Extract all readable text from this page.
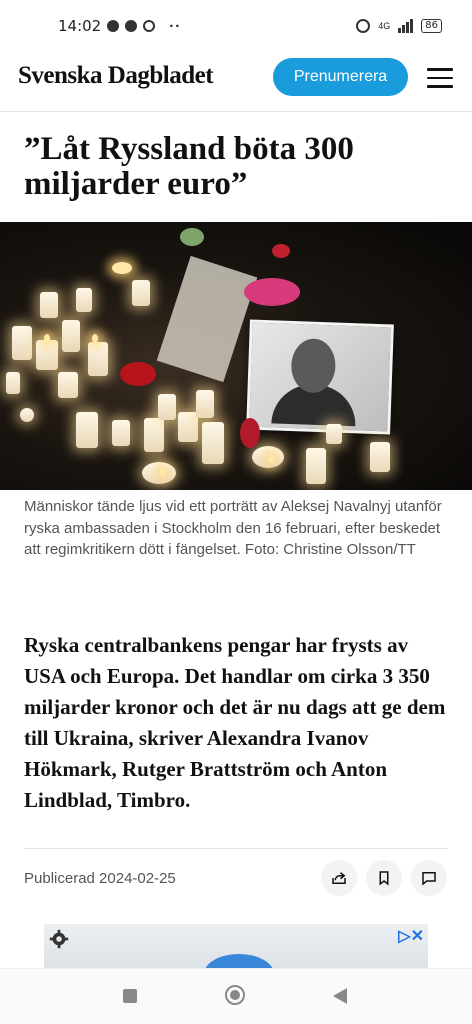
14:02	··	4G	86
Svenska Dagbladet	Prenumerera
”Låt Ryssland böta 300 miljarder euro”

Människor tände ljus vid ett porträtt av Aleksej Navalnyj utanför ryska ambassaden i Stockholm den 16 februari, efter beskedet att regimkritikern dött i fängelset. Foto: Christine Olsson/TT

Ryska centralbankens pengar har frysts av USA och Europa. Det handlar om cirka 3 350 miljarder kronor och det är nu dags att ge dem till Ukraina, skriver Alexandra Ivanov Hökmark, Rutger Brattström och Anton Lindblad, Timbro.

Publicerad 2024-02-25
▷✕
